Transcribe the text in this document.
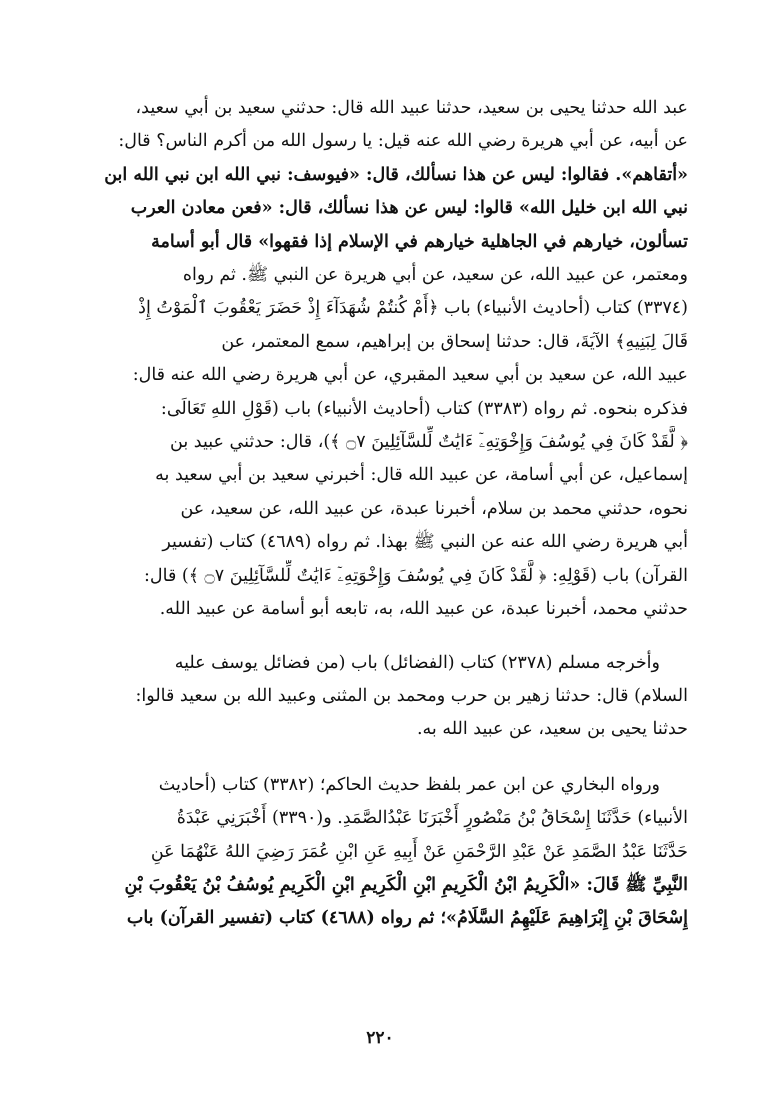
عبد الله حدثنا يحيى بن سعيد، حدثنا عبيد الله قال: حدثني سعيد بن أبي سعيد،
عن أبيه، عن أبي هريرة رضي الله عنه قيل: يا رسول الله من أكرم الناس؟ قال:
«أتقاهم». فقالوا: ليس عن هذا نسألك، قال: «فيوسف: نبي الله ابن نبي الله ابن
نبي الله ابن خليل الله» قالوا: ليس عن هذا نسألك، قال: «فعن معادن العرب
تسألون، خيارهم في الجاهلية خيارهم في الإسلام إذا فقهوا» قال أبو أسامة
ومعتمر، عن عبيد الله، عن سعيد، عن أبي هريرة عن النبي ﷺ. ثم رواه
(٣٣٧٤) كتاب (أحاديث الأنبياء) باب ﴿أَمْ كُنتُمْ شُهَدَآءَ إِذْ حَضَرَ يَعْقُوبَ ٱلْمَوْتُ إِذْ
قَالَ لِبَنِيهِ﴾ الآيَةَ، قال: حدثنا إسحاق بن إبراهيم، سمع المعتمر، عن
عبيد الله، عن سعيد بن أبي سعيد المقبري، عن أبي هريرة رضي الله عنه قال:
فذكره بنحوه. ثم رواه (٣٣٨٣) كتاب (أحاديث الأنبياء) باب (قَوْلِ اللهِ تَعَالَى:
﴿ لَّقَدْ كَانَ فِي يُوسُفَ وَإِخْوَتِهِۦٓ ءَايَٰتٌ لِّلسَّآئِلِينَ ۝٧ ﴾)، قال: حدثني عبيد بن
إسماعيل، عن أبي أسامة، عن عبيد الله قال: أخبرني سعيد بن أبي سعيد به
نحوه، حدثني محمد بن سلام، أخبرنا عبدة، عن عبيد الله، عن سعيد، عن
أبي هريرة رضي الله عنه عن النبي ﷺ بهذا. ثم رواه (٤٦٨٩) كتاب (تفسير
القرآن) باب (قَوْلِهِ: ﴿ لَّقَدْ كَانَ فِي يُوسُفَ وَإِخْوَتِهِۦٓ ءَايَٰتٌ لِّلسَّآئِلِينَ ۝٧ ﴾) قال:
حدثني محمد، أخبرنا عبدة، عن عبيد الله، به، تابعه أبو أسامة عن عبيد الله.
وأخرجه مسلم (٢٣٧٨) كتاب (الفضائل) باب (من فضائل يوسف عليه
السلام) قال: حدثنا زهير بن حرب ومحمد بن المثنى وعبيد الله بن سعيد قالوا:
حدثنا يحيى بن سعيد، عن عبيد الله به.
ورواه البخاري عن ابن عمر بلفظ حديث الحاكم؛ (٣٣٨٢) كتاب (أحاديث
الأنبياء) حَدَّثَنَا إِسْحَاقُ بْنُ مَنْصُورٍ أَخْبَرَنَا عَبْدُالصَّمَدِ. و(٣٣٩٠) أَخْبَرَنِي عَبْدَةُ
حَدَّثَنَا عَبْدُ الصَّمَدِ عَنْ عَبْدِ الرَّحْمَنِ عَنْ أَبِيهِ عَنِ ابْنِ عُمَرَ رَضِيَ اللهُ عَنْهُمَا عَنِ
النَّبِيِّ ﷺ قَالَ: «الْكَرِيمُ ابْنُ الْكَرِيمِ ابْنِ الْكَرِيمِ ابْنِ الْكَرِيمِ يُوسُفُ بْنُ يَعْقُوبَ بْنِ
إِسْحَاقَ بْنِ إِبْرَاهِيمَ عَلَيْهِمُ السَّلَامُ»؛ ثم رواه (٤٦٨٨) كتاب (تفسير القرآن) باب
٢٢٠
